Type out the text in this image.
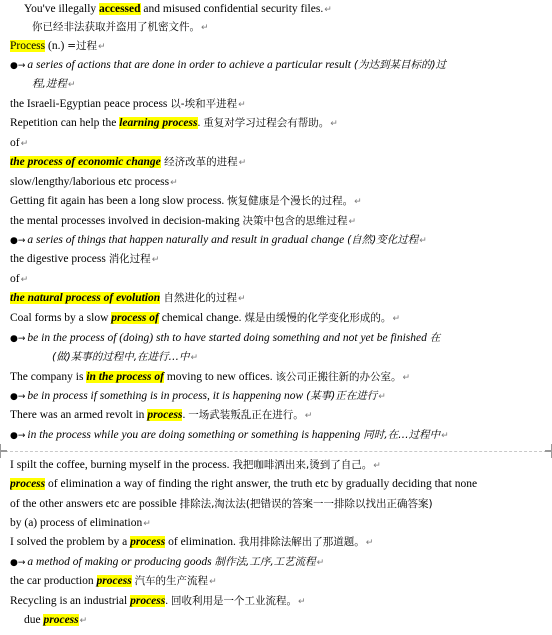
You've illegally accessed and misused confidential security files.↵
你已经非法获取并盗用了机密文件。↵
Process (n.) =过程↵
●→ a series of actions that are done in order to achieve a particular result (为达到某目标的)过
程,进程↵
the Israeli-Egyptian peace process 以-埃和平进程↵
Repetition can help the learning process. 重复对学习过程会有帮助。↵
of↵
the process of economic change 经济改革的进程↵
slow/lengthy/laborious etc process↵
Getting fit again has been a long slow process. 恢复健康是个漫长的过程。↵
the mental processes involved in decision-making 决策中包含的思维过程↵
●→ a series of things that happen naturally and result in gradual change (自然)变化过程↵
the digestive process 消化过程↵
of↵
the natural process of evolution 自然进化的过程↵
Coal forms by a slow process of chemical change. 煤是由缓慢的化学变化形成的。↵
●→ be in the process of (doing) sth to have started doing something and not yet be finished 在
(做)某事的过程中,在进行…中↵
The company is in the process of moving to new offices. 该公司正搬往新的办公室。↵
●→ be in process if something is in process, it is happening now (某事)正在进行↵
There was an armed revolt in process. 一场武装叛乱正在进行。↵
●→ in the process while you are doing something or something is happening 同时,在…过程中↵
I spilt the coffee, burning myself in the process. 我把咖啡洒出来,烫到了自己。↵
process of elimination a way of finding the right answer, the truth etc by gradually deciding that none
of the other answers etc are possible 排除法,淘汰法(把错误的答案一一排除以找出正确答案)
by (a) process of elimination↵
I solved the problem by a process of elimination. 我用排除法解出了那道题。↵
●→ a method of making or producing goods 制作法,工序,工艺流程↵
the car production process 汽车的生产流程↵
Recycling is an industrial process. 回收利用是一个工业流程。↵
due process↵
